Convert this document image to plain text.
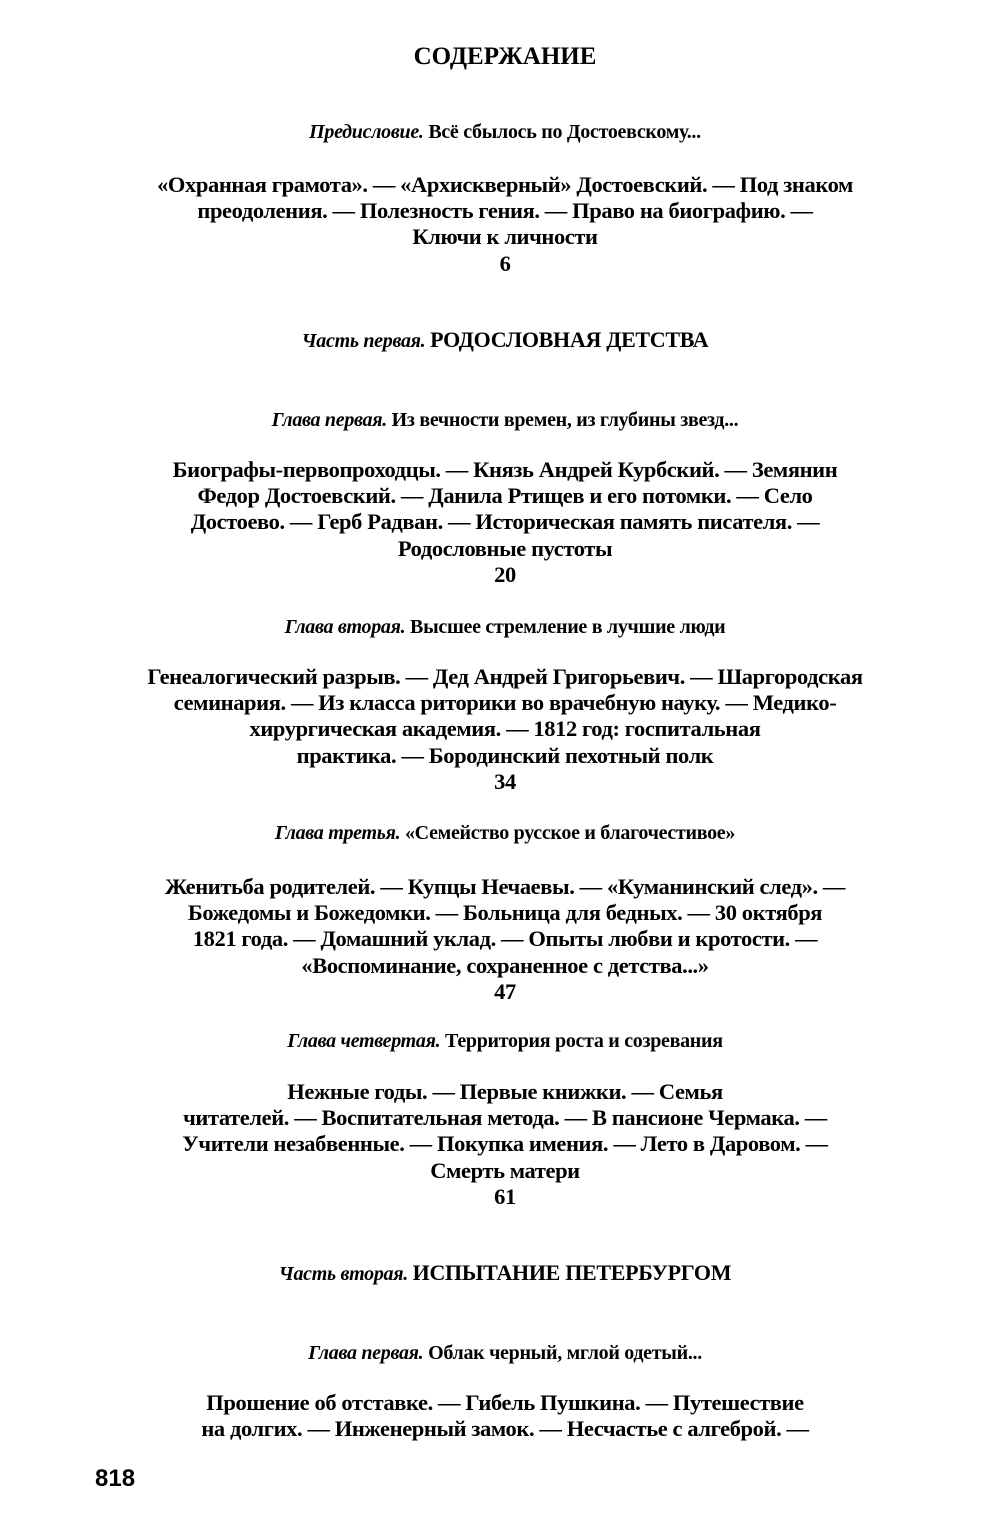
СОДЕРЖАНИЕ
Предисловие. Всё сбылось по Достоевскому...
«Охранная грамота». — «Архискверный» Достоевский. — Под знаком
преодоления. — Полезность гения. — Право на биографию. —
Ключи к личности
6
Часть первая. РОДОСЛОВНАЯ ДЕТСТВА
Глава первая. Из вечности времен, из глубины звезд...
Биографы-первопроходцы. — Князь Андрей Курбский. — Земянин
Федор Достоевский. — Данила Ртищев и его потомки. — Село
Достоево. — Герб Радван. — Историческая память писателя. —
Родословные пустоты
20
Глава вторая. Высшее стремление в лучшие люди
Генеалогический разрыв. — Дед Андрей Григорьевич. — Шаргородская
семинария. — Из класса риторики во врачебную науку. — Медико-
хирургическая академия. — 1812 год: госпитальная
практика. — Бородинский пехотный полк
34
Глава третья. «Семейство русское и благочестивое»
Женитьба родителей. — Купцы Нечаевы. — «Куманинский след». —
Божедомы и Божедомки. — Больница для бедных. — 30 октября
1821 года. — Домашний уклад. — Опыты любви и кротости. —
«Воспоминание, сохраненное с детства...»
47
Глава четвертая. Территория роста и созревания
Нежные годы. — Первые книжки. — Семья
читателей. — Воспитательная метода. — В пансионе Чермака. —
Учители незабвенные. — Покупка имения. — Лето в Даровом. —
Смерть матери
61
Часть вторая. ИСПЫТАНИЕ ПЕТЕРБУРГОМ
Глава первая. Облак черный, мглой одетый...
Прошение об отставке. — Гибель Пушкина. — Путешествие
на долгих. — Инженерный замок. — Несчастье с алгеброй. —
818
